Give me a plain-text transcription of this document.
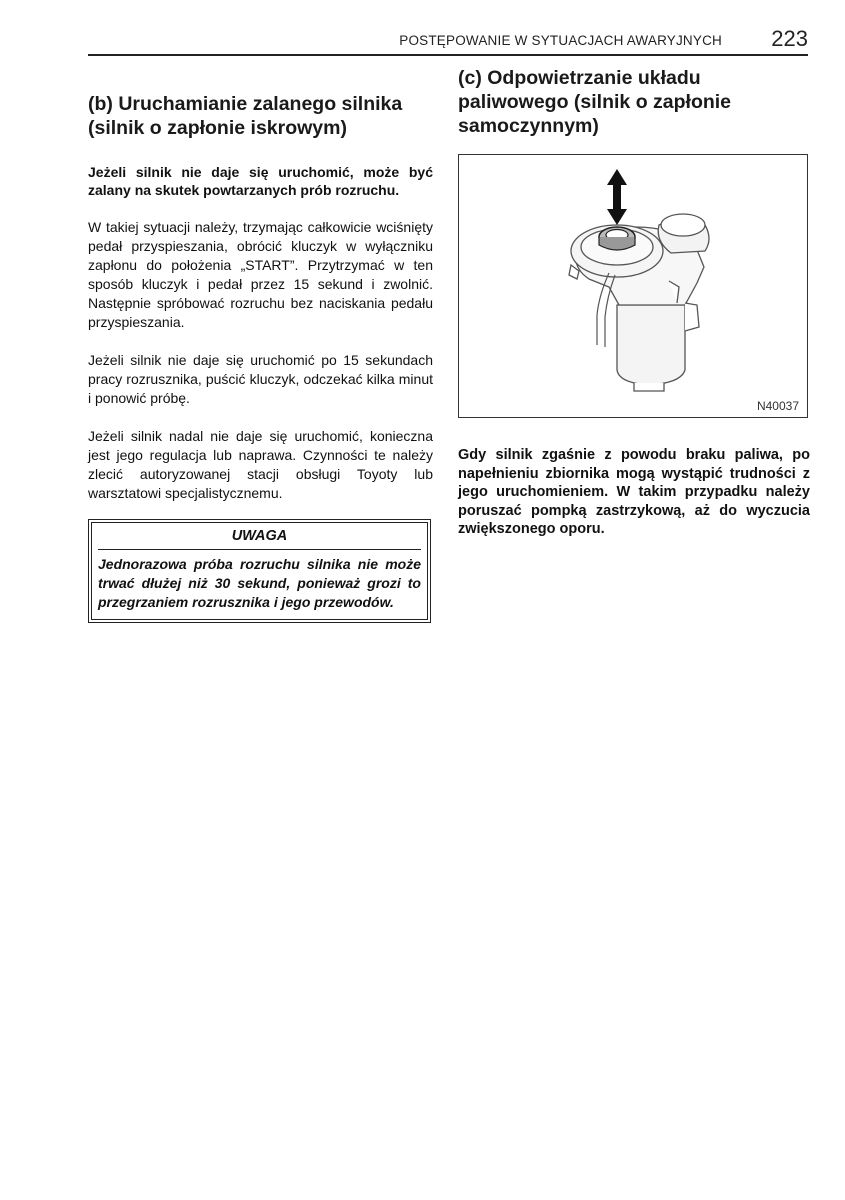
POSTĘPOWANIE W SYTUACJACH AWARYJNYCH 223
(b) Uruchamianie zalanego silnika (silnik o zapłonie iskrowym)

Jeżeli silnik nie daje się uruchomić, może być zalany na skutek powtarzanych prób rozruchu.

W takiej sytuacji należy, trzymając całkowicie wciśnięty pedał przyspieszania, obrócić kluczyk w wyłączniku zapłonu do położenia „START”. Przytrzymać w ten sposób kluczyk i pedał przez 15 sekund i zwolnić. Następnie spróbować rozruchu bez naciskania pedału przyspieszania.

Jeżeli silnik nie daje się uruchomić po 15 sekundach pracy rozrusznika, puścić kluczyk, odczekać kilka minut i ponowić próbę.

Jeżeli silnik nadal nie daje się uruchomić, konieczna jest jego regulacja lub naprawa. Czynności te należy zlecić autoryzowanej stacji obsługi Toyoty lub warsztatowi specjalistycznemu.

UWAGA
Jednorazowa próba rozruchu silnika nie może trwać dłużej niż 30 sekund, ponieważ grozi to przegrzaniem rozrusznika i jego przewodów.
(c) Odpowietrzanie układu paliwowego (silnik o zapłonie samoczynnym)
N40037

Gdy silnik zgaśnie z powodu braku paliwa, po napełnieniu zbiornika mogą wystąpić trudności z jego uruchomieniem. W takim przypadku należy poruszać pompką zastrzykową, aż do wyczucia zwiększonego oporu.
